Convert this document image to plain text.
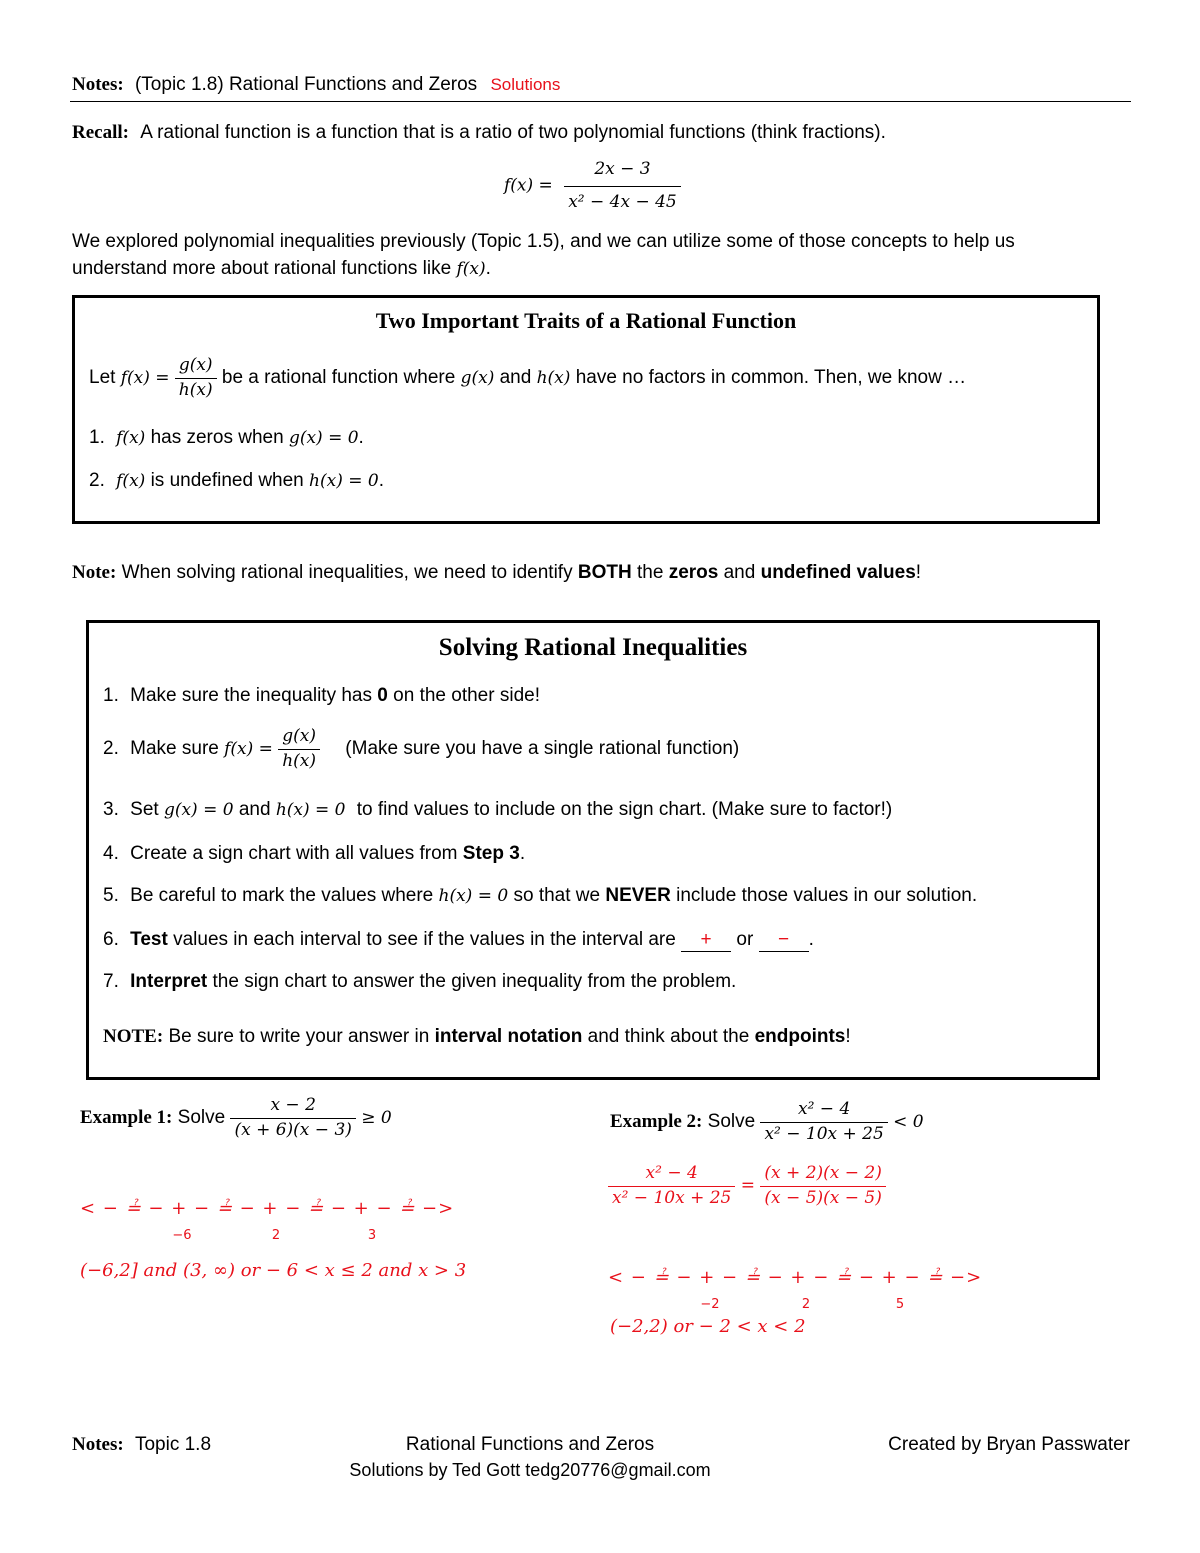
Notes: (Topic 1.8) Rational Functions and Zeros Solutions
Recall: A rational function is a function that is a ratio of two polynomial functions (think fractions).
$f(x) = \frac{2x - 3}{\text{x² − 4x − 45}}$
We explored polynomial inequalities previously (Topic 1.5), and we can utilize some of those concepts to help us
understand more about rational functions like f(x).
Two Important Traits of a Rational Function
Let $f(x) = \frac{g(x)}{h(x)}$ be a rational function where g(x) and h(x) have no factors in common. Then, we know …
1. f(x) has zeros when g(x) = 0.
2. f(x) is undefined when h(x) = 0.
Note: When solving rational inequalities, we need to identify BOTH the zeros and undefined values!
Solving Rational Inequalities
1. Make sure the inequality has 0 on the other side!
2. Make sure $f(x) = \frac{g(x)}{h(x)}$ (Make sure you have a single rational function)
3. Set g(x) = 0 and h(x) = 0 to find values to include on the sign chart. (Make sure to factor!)
4. Create a sign chart with all values from Step 3.
5. Be careful to mark the values where h(x) = 0 so that we NEVER include those values in our solution.
6. Test values in each interval to see if the values in the interval are + or − .
7. Interpret the sign chart to answer the given inequality from the problem.
NOTE: Be sure to write your answer in interval notation and think about the endpoints!
Example 1: Solve $\frac{x - 2}{(x + 6)(x - 3)} \ge 0$
< − ≟ − + − ≟ − + − ≟ − + − ≟ −>
−6	2	3
(−6,2] and (3, ∞) or − 6 < x ≤ 2 and x > 3
Example 2: Solve $\frac{\text{x² − 4}}{\text{x² − 10x + 25}} < 0$
$\frac{\text{x² − 4}}{\text{x² − 10x + 25}} = \frac{(x + 2)(x - 2)}{(x - 5)(x - 5)}$
< − ≟ − + − ≟ − + − ≟ − + − ≟ −>
−2	2	5
(−2,2) or − 2 < x < 2
Notes: Topic 1.8	Rational Functions and Zeros	Created by Bryan Passwater
Solutions by Ted Gott tedg20776@gmail.com
